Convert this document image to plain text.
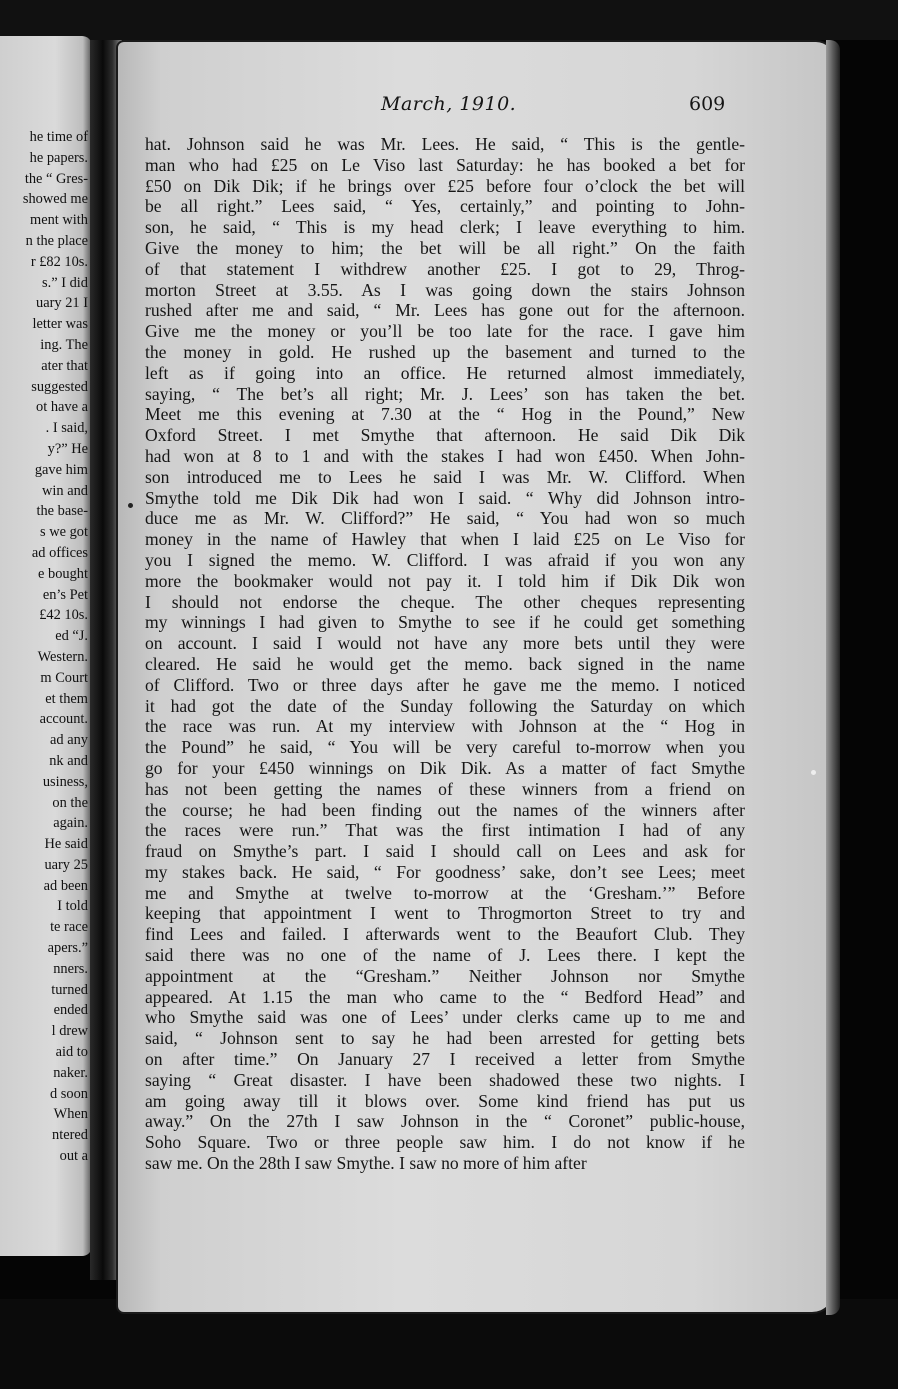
he time of
he papers.
the “ Gres-
showed me
ment with
n the place
r £82 10s.
s.” I did
uary 21 I
letter was
ing. The
ater that
suggested
ot have a
. I said,
y?” He
gave him
win and
the base-
s we got
ad offices
e bought
en’s Pet
£42 10s.
ed “J.
Western.
m Court
et them
account.
ad any
nk and
usiness,
on the
again.
He said
uary 25
ad been
I told
te race
apers.”
nners.
turned
ended
l drew
aid to
naker.
d soon
When
ntered
out a
March, 1910.	609
hat. Johnson said he was Mr. Lees. He said, “ This is the gentle-
man who had £25 on Le Viso last Saturday: he has booked a bet for
£50 on Dik Dik; if he brings over £25 before four o’clock the bet will
be all right.” Lees said, “ Yes, certainly,” and pointing to John-
son, he said, “ This is my head clerk; I leave everything to him.
Give the money to him; the bet will be all right.” On the faith
of that statement I withdrew another £25. I got to 29, Throg-
morton Street at 3.55. As I was going down the stairs Johnson
rushed after me and said, “ Mr. Lees has gone out for the afternoon.
Give me the money or you’ll be too late for the race. I gave him
the money in gold. He rushed up the basement and turned to the
left as if going into an office. He returned almost immediately,
saying, “ The bet’s all right; Mr. J. Lees’ son has taken the bet.
Meet me this evening at 7.30 at the “ Hog in the Pound,” New
Oxford Street. I met Smythe that afternoon. He said Dik Dik
had won at 8 to 1 and with the stakes I had won £450. When John-
son introduced me to Lees he said I was Mr. W. Clifford. When
Smythe told me Dik Dik had won I said. “ Why did Johnson intro-
duce me as Mr. W. Clifford?” He said, “ You had won so much
money in the name of Hawley that when I laid £25 on Le Viso for
you I signed the memo. W. Clifford. I was afraid if you won any
more the bookmaker would not pay it. I told him if Dik Dik won
I should not endorse the cheque. The other cheques representing
my winnings I had given to Smythe to see if he could get something
on account. I said I would not have any more bets until they were
cleared. He said he would get the memo. back signed in the name
of Clifford. Two or three days after he gave me the memo. I noticed
it had got the date of the Sunday following the Saturday on which
the race was run. At my interview with Johnson at the “ Hog in
the Pound” he said, “ You will be very careful to-morrow when you
go for your £450 winnings on Dik Dik. As a matter of fact Smythe
has not been getting the names of these winners from a friend on
the course; he had been finding out the names of the winners after
the races were run.” That was the first intimation I had of any
fraud on Smythe’s part. I said I should call on Lees and ask for
my stakes back. He said, “ For goodness’ sake, don’t see Lees; meet
me and Smythe at twelve to-morrow at the ‘Gresham.’” Before
keeping that appointment I went to Throgmorton Street to try and
find Lees and failed. I afterwards went to the Beaufort Club. They
said there was no one of the name of J. Lees there. I kept the
appointment at the “Gresham.” Neither Johnson nor Smythe
appeared. At 1.15 the man who came to the “ Bedford Head” and
who Smythe said was one of Lees’ under clerks came up to me and
said, “ Johnson sent to say he had been arrested for getting bets
on after time.” On January 27 I received a letter from Smythe
saying “ Great disaster. I have been shadowed these two nights. I
am going away till it blows over. Some kind friend has put us
away.” On the 27th I saw Johnson in the “ Coronet” public-house,
Soho Square. Two or three people saw him. I do not know if he
saw me. On the 28th I saw Smythe. I saw no more of him after
